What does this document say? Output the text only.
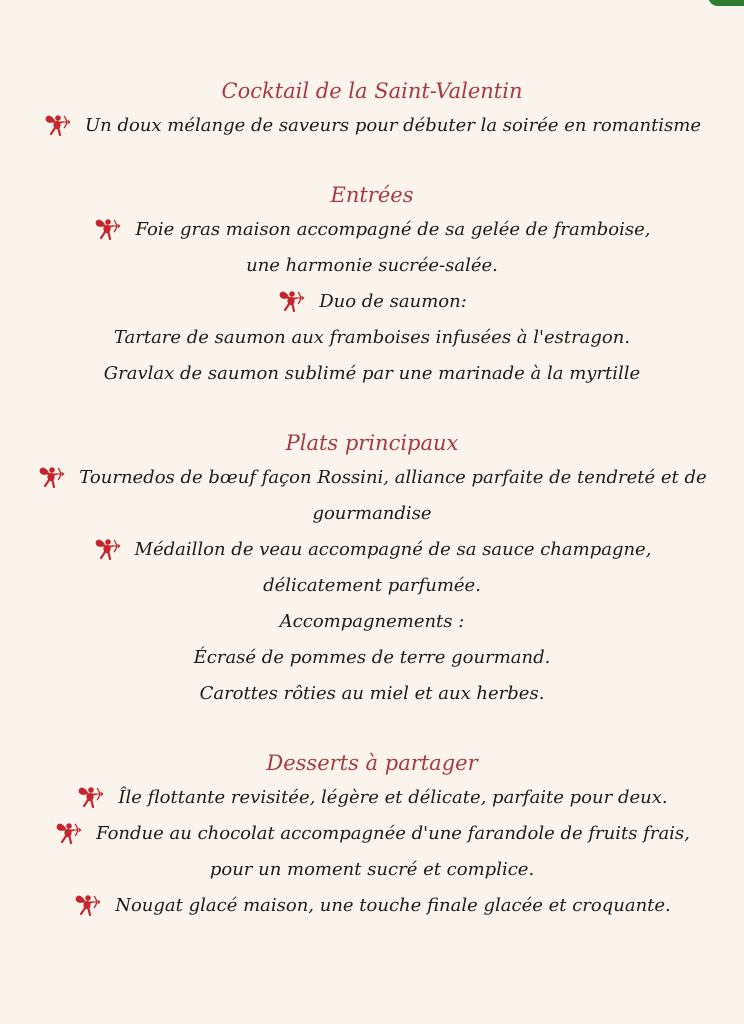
Cocktail de la Saint-Valentin
Un doux mélange de saveurs pour débuter la soirée en romantisme
Entrées
Foie gras maison accompagné de sa gelée de framboise,
une harmonie sucrée-salée.
Duo de saumon:
Tartare de saumon aux framboises infusées à l'estragon.
Gravlax de saumon sublimé par une marinade à la myrtille
Plats principaux
Tournedos de bœuf façon Rossini, alliance parfaite de tendreté et de
gourmandise
Médaillon de veau accompagné de sa sauce champagne,
délicatement parfumée.
Accompagnements :
Écrasé de pommes de terre gourmand.
Carottes rôties au miel et aux herbes.
Desserts à partager
Île flottante revisitée, légère et délicate, parfaite pour deux.
Fondue au chocolat accompagnée d'une farandole de fruits frais,
pour un moment sucré et complice.
Nougat glacé maison, une touche finale glacée et croquante.
